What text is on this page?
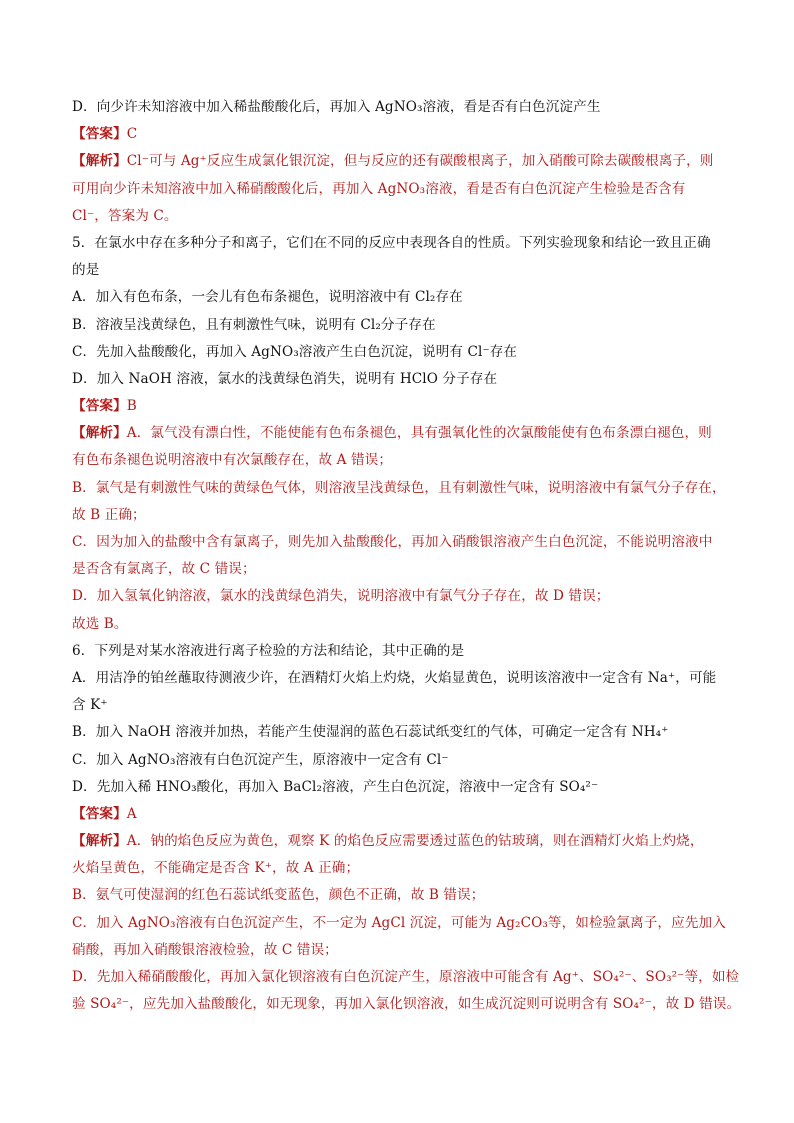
D．向少许未知溶液中加入稀盐酸酸化后，再加入 AgNO₃溶液，看是否有白色沉淀产生
【答案】C
【解析】Cl⁻可与 Ag⁺反应生成氯化银沉淀，但与反应的还有碳酸根离子，加入硝酸可除去碳酸根离子，则
可用向少许未知溶液中加入稀硝酸酸化后，再加入 AgNO₃溶液，看是否有白色沉淀产生检验是否含有
Cl⁻，答案为 C。
5．在氯水中存在多种分子和离子，它们在不同的反应中表现各自的性质。下列实验现象和结论一致且正确
的是
A．加入有色布条，一会儿有色布条褪色，说明溶液中有 Cl₂存在
B．溶液呈浅黄绿色，且有刺激性气味，说明有 Cl₂分子存在
C．先加入盐酸酸化，再加入 AgNO₃溶液产生白色沉淀，说明有 Cl⁻存在
D．加入 NaOH 溶液，氯水的浅黄绿色消失，说明有 HClO 分子存在
【答案】B
【解析】A．氯气没有漂白性，不能使能有色布条褪色，具有强氧化性的次氯酸能使有色布条漂白褪色，则
有色布条褪色说明溶液中有次氯酸存在，故 A 错误；
B．氯气是有刺激性气味的黄绿色气体，则溶液呈浅黄绿色，且有刺激性气味，说明溶液中有氯气分子存在，
故 B 正确；
C．因为加入的盐酸中含有氯离子，则先加入盐酸酸化，再加入硝酸银溶液产生白色沉淀，不能说明溶液中
是否含有氯离子，故 C 错误；
D．加入氢氧化钠溶液，氯水的浅黄绿色消失，说明溶液中有氯气分子存在，故 D 错误；
故选 B。
6．下列是对某水溶液进行离子检验的方法和结论，其中正确的是
A．用洁净的铂丝蘸取待测液少许，在酒精灯火焰上灼烧，火焰显黄色，说明该溶液中一定含有 Na⁺，可能
含 K⁺
B．加入 NaOH 溶液并加热，若能产生使湿润的蓝色石蕊试纸变红的气体，可确定一定含有 NH₄⁺
C．加入 AgNO₃溶液有白色沉淀产生，原溶液中一定含有 Cl⁻
D．先加入稀 HNO₃酸化，再加入 BaCl₂溶液，产生白色沉淀，溶液中一定含有 SO₄²⁻
【答案】A
【解析】A．钠的焰色反应为黄色，观察 K 的焰色反应需要透过蓝色的钴玻璃，则在酒精灯火焰上灼烧，
火焰呈黄色，不能确定是否含 K⁺，故 A 正确；
B．氨气可使湿润的红色石蕊试纸变蓝色，颜色不正确，故 B 错误；
C．加入 AgNO₃溶液有白色沉淀产生，不一定为 AgCl 沉淀，可能为 Ag₂CO₃等，如检验氯离子，应先加入
硝酸，再加入硝酸银溶液检验，故 C 错误；
D．先加入稀硝酸酸化，再加入氯化钡溶液有白色沉淀产生，原溶液中可能含有 Ag⁺、SO₄²⁻、SO₃²⁻等，如检
验 SO₄²⁻，应先加入盐酸酸化，如无现象，再加入氯化钡溶液，如生成沉淀则可说明含有 SO₄²⁻，故 D 错误。
